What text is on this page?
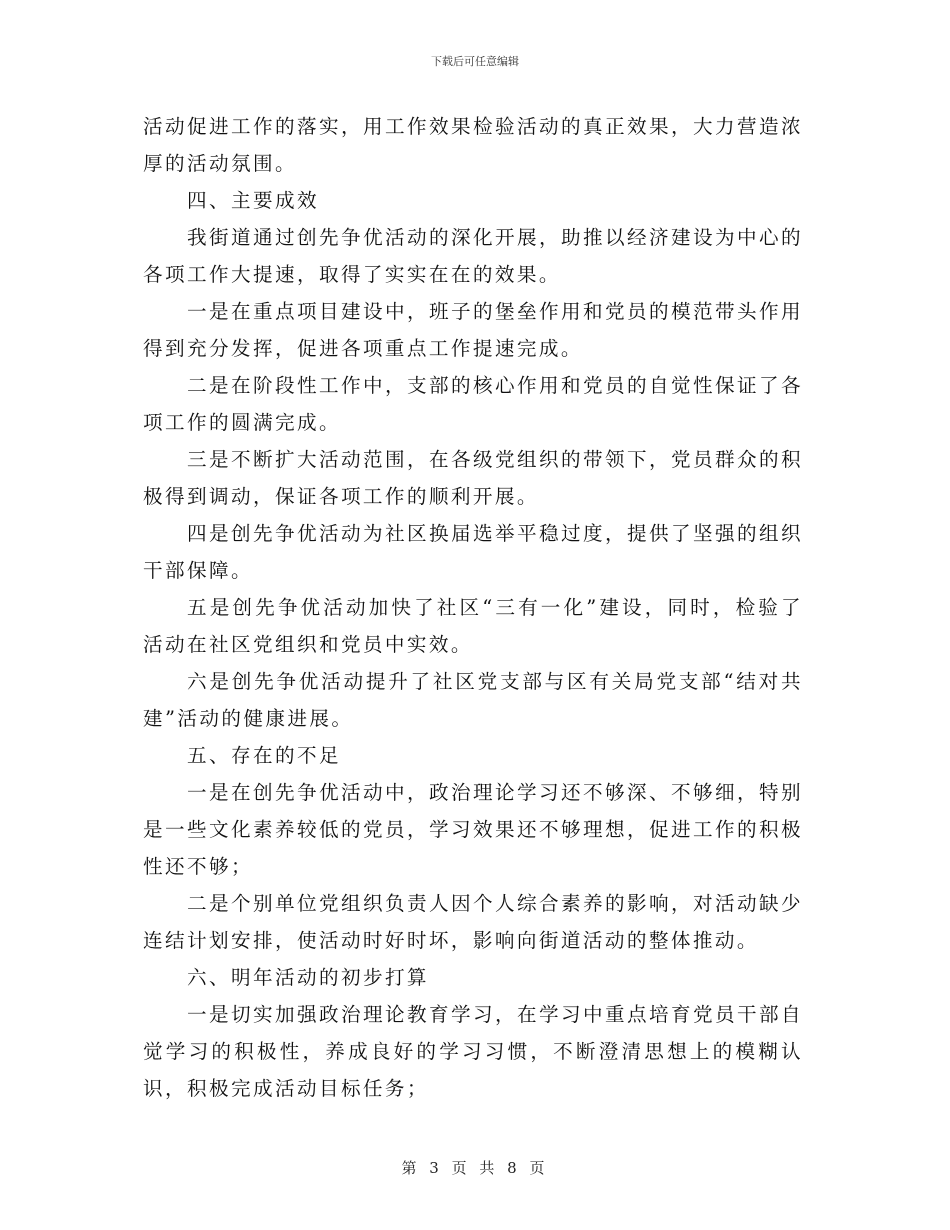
下载后可任意编辑

活动促进工作的落实，用工作效果检验活动的真正效果，大力营造浓厚的活动氛围。

四、主要成效

我街道通过创先争优活动的深化开展，助推以经济建设为中心的各项工作大提速，取得了实实在在的效果。

一是在重点项目建设中，班子的堡垒作用和党员的模范带头作用得到充分发挥，促进各项重点工作提速完成。

二是在阶段性工作中，支部的核心作用和党员的自觉性保证了各项工作的圆满完成。

三是不断扩大活动范围，在各级党组织的带领下，党员群众的积极得到调动，保证各项工作的顺利开展。

四是创先争优活动为社区换届选举平稳过度，提供了坚强的组织干部保障。

五是创先争优活动加快了社区“三有一化”建设，同时，检验了活动在社区党组织和党员中实效。

六是创先争优活动提升了社区党支部与区有关局党支部“结对共建”活动的健康进展。

五、存在的不足

一是在创先争优活动中，政治理论学习还不够深、不够细，特别是一些文化素养较低的党员，学习效果还不够理想，促进工作的积极性还不够；

二是个别单位党组织负责人因个人综合素养的影响，对活动缺少连结计划安排，使活动时好时坏，影响向街道活动的整体推动。

六、明年活动的初步打算

一是切实加强政治理论教育学习，在学习中重点培育党员干部自觉学习的积极性，养成良好的学习习惯，不断澄清思想上的模糊认识，积极完成活动目标任务；

第 3 页 共 8 页
